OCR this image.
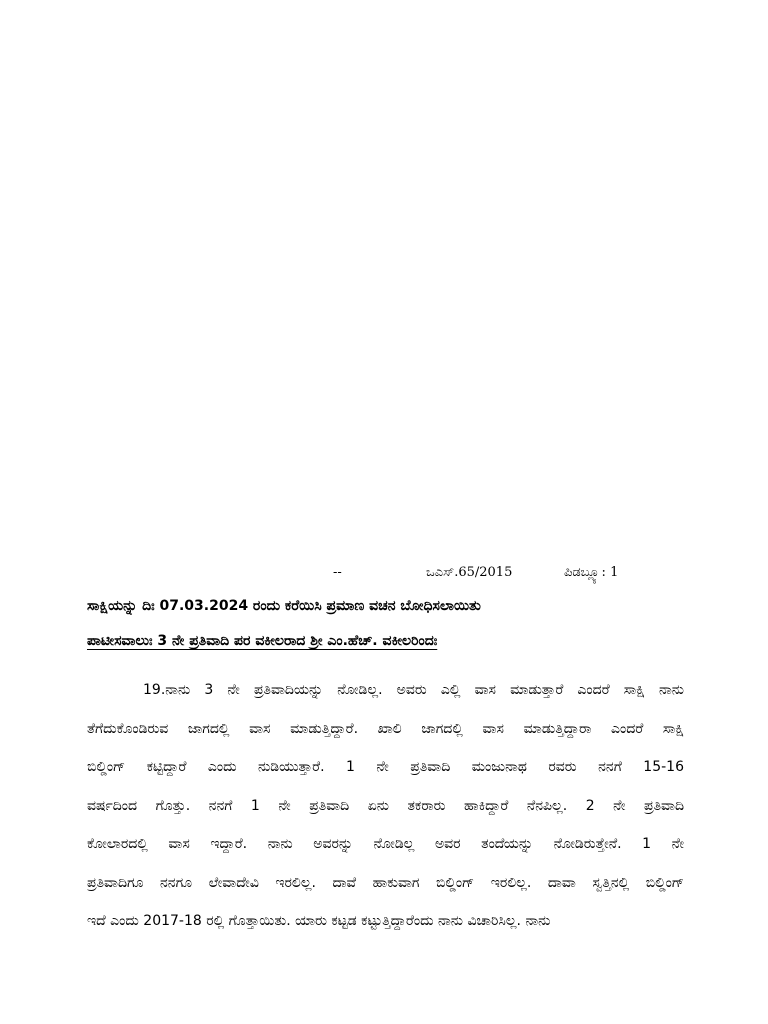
--	ಒಎಸ್.65/2015	ಪಿಡಬ್ಲ್ಯೂ: 1
ಸಾಕ್ಷಿಯನ್ನು ದಿಃ 07.03.2024 ರಂದು ಕರೆಯಿಸಿ ಪ್ರಮಾಣ ವಚನ ಬೋಧಿಸಲಾಯಿತು
ಪಾಟೀಸವಾಲುಃ 3 ನೇ ಪ್ರತಿವಾದಿ ಪರ ವಕೀಲರಾದ ಶ್ರೀ ಎಂ.ಹೆಚ್. ವಕೀಲರಿಂದಃ
19.ನಾನು 3 ನೇ ಪ್ರತಿವಾದಿಯನ್ನು ನೋಡಿಲ್ಲ. ಅವರು ಎಲ್ಲಿ ವಾಸ ಮಾಡುತ್ತಾರೆ ಎಂದರೆ ಸಾಕ್ಷಿ ನಾನು
ತೆಗೆದುಕೊಂಡಿರುವ ಜಾಗದಲ್ಲಿ ವಾಸ ಮಾಡುತ್ತಿದ್ದಾರೆ. ಖಾಲಿ ಜಾಗದಲ್ಲಿ ವಾಸ ಮಾಡುತ್ತಿದ್ದಾರಾ ಎಂದರೆ ಸಾಕ್ಷಿ
ಬಿಲ್ಡಿಂಗ್ ಕಟ್ಟಿದ್ದಾರೆ ಎಂದು ನುಡಿಯುತ್ತಾರೆ. 1 ನೇ ಪ್ರತಿವಾದಿ ಮಂಜುನಾಥ ರವರು ನನಗೆ 15-16
ವರ್ಷದಿಂದ ಗೊತ್ತು. ನನಗೆ 1 ನೇ ಪ್ರತಿವಾದಿ ಏನು ತಕರಾರು ಹಾಕಿದ್ದಾರೆ ನೆನಪಿಲ್ಲ. 2 ನೇ ಪ್ರತಿವಾದಿ
ಕೋಲಾರದಲ್ಲಿ ವಾಸ ಇದ್ದಾರೆ. ನಾನು ಅವರನ್ನು ನೋಡಿಲ್ಲ ಅವರ ತಂದೆಯನ್ನು ನೋಡಿರುತ್ತೇನೆ. 1 ನೇ
ಪ್ರತಿವಾದಿಗೂ ನನಗೂ ಲೇವಾದೇವಿ ಇರಲಿಲ್ಲ. ದಾವೆ ಹಾಕುವಾಗ ಬಿಲ್ಡಿಂಗ್ ಇರಲಿಲ್ಲ. ದಾವಾ ಸ್ವತ್ತಿನಲ್ಲಿ ಬಿಲ್ಡಿಂಗ್
ಇದೆ ಎಂದು 2017-18 ರಲ್ಲಿ ಗೊತ್ತಾಯಿತು. ಯಾರು ಕಟ್ಟಡ ಕಟ್ಟುತ್ತಿದ್ದಾರೆಂದು ನಾನು ವಿಚಾರಿಸಿಲ್ಲ. ನಾನು
